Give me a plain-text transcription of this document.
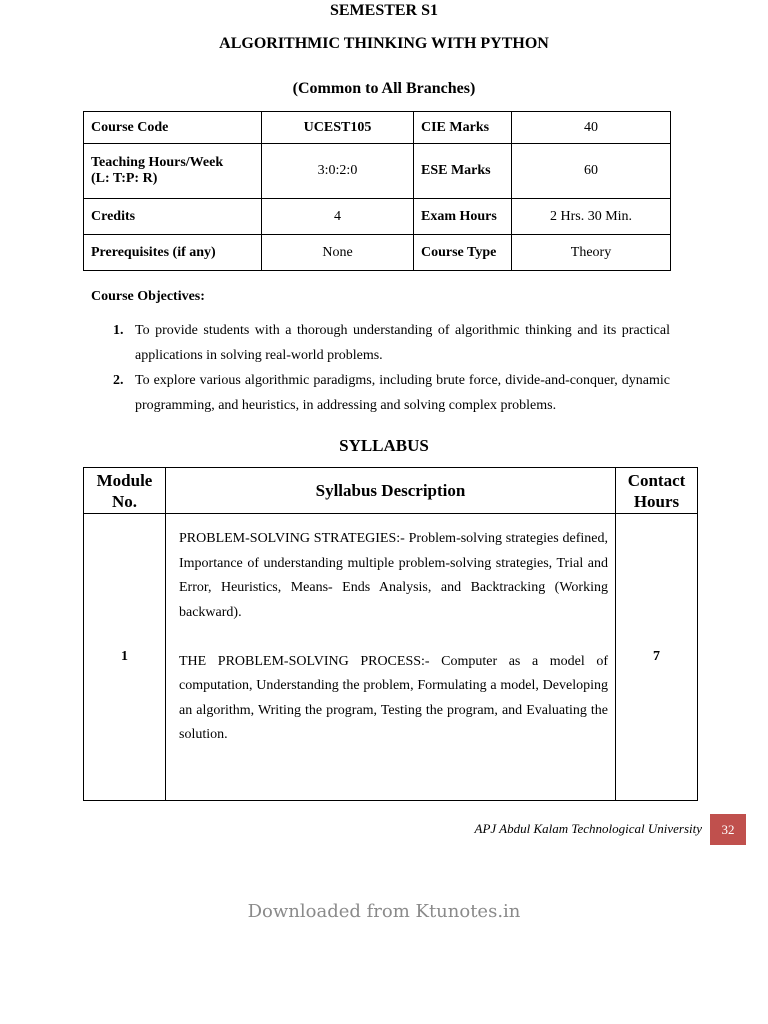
SEMESTER S1
ALGORITHMIC THINKING WITH PYTHON
(Common to All Branches)
Course Code	UCEST105	CIE Marks	40
Teaching Hours/Week
(L: T:P: R)	3:0:2:0	ESE Marks	60
Credits	4	Exam Hours	2 Hrs. 30 Min.
Prerequisites (if any)	None	Course Type	Theory
Course Objectives:
1. To provide students with a thorough understanding of algorithmic thinking and its practical applications in solving real-world problems.
2. To explore various algorithmic paradigms, including brute force, divide-and-conquer, dynamic programming, and heuristics, in addressing and solving complex problems.
SYLLABUS
Module
No.	Syllabus Description	Contact
Hours
1	PROBLEM-SOLVING STRATEGIES:- Problem-solving strategies defined, Importance of understanding multiple problem-solving strategies, Trial and Error, Heuristics, Means- Ends Analysis, and Backtracking (Working backward).

THE PROBLEM-SOLVING PROCESS:- Computer as a model of computation, Understanding the problem, Formulating a model, Developing an algorithm, Writing the program, Testing the program, and Evaluating the solution.	7
APJ Abdul Kalam Technological University	32
Downloaded from Ktunotes.in
